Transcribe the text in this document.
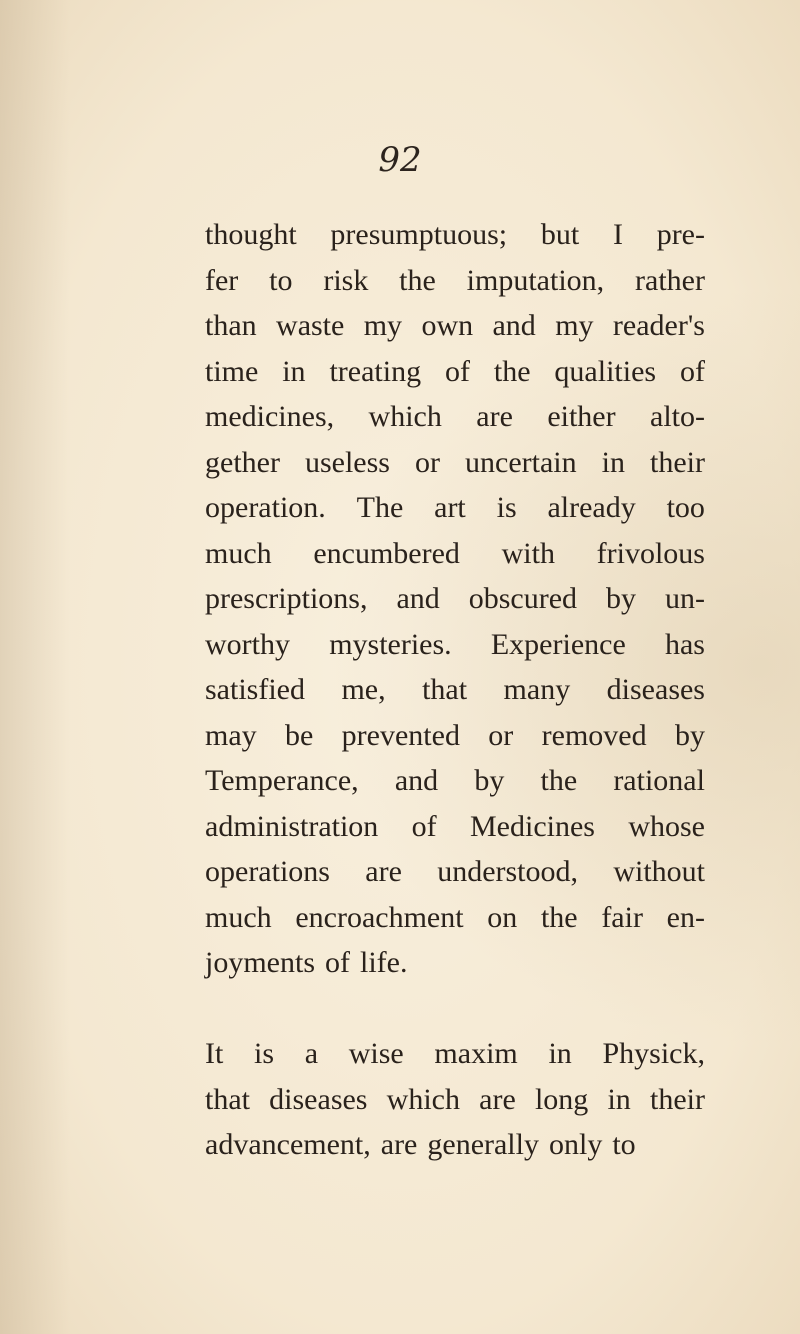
92
thought presumptuous; but I pre-
fer to risk the imputation, rather
than waste my own and my reader's
time in treating of the qualities of
medicines, which are either alto-
gether useless or uncertain in their
operation. The art is already too
much encumbered with frivolous
prescriptions, and obscured by un-
worthy mysteries. Experience has
satisfied me, that many diseases
may be prevented or removed by
Temperance, and by the rational
administration of Medicines whose
operations are understood, without
much encroachment on the fair en-
joyments of life.
It is a wise maxim in Physick,
that diseases which are long in their
advancement, are generally only to
